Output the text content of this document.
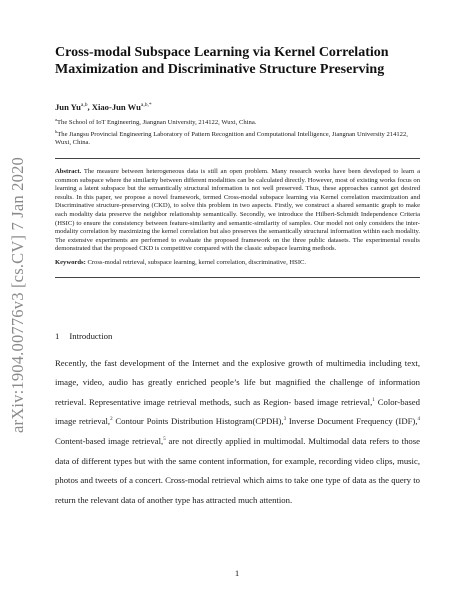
arXiv:1904.00776v3 [cs.CV] 7 Jan 2020
Cross-modal Subspace Learning via Kernel Correlation
Maximization and Discriminative Structure Preserving
Jun Yu$^{a,b}$, Xiao-Jun $Wu^{a,b,*}$
$^a$The School of IoT Engineering, Jiangnan University, 214122, Wuxi, China.
$^b$The Jiangsu Provincial Engineering Laboratory of Pattern Recognition and Computational Intelligence, Jiangnan University 214122, Wuxi, China.
Abstract. The measure between heterogeneous data is still an open problem. Many research works have been developed to learn a common subspace where the similarity between different modalities can be calculated directly. However, most of existing works focus on learning a latent subspace but the semantically structural information is not well preserved. Thus, these approaches cannot get desired results. In this paper, we propose a novel framework, termed Cross-modal subspace learning via Kernel correlation maximization and Discriminative structure-preserving (CKD), to solve this problem in two aspects. Firstly, we construct a shared semantic graph to make each modality data preserve the neighbor relationship semantically. Secondly, we introduce the Hilbert-Schmidt Independence Criteria (HSIC) to ensure the consistency between feature-similarity and semantic-similarity of samples. Our model not only considers the inter-modality correlation by maximizing the kernel correlation but also preserves the semantically structural information within each modality. The extensive experiments are performed to evaluate the proposed framework on the three public datasets. The experimental results demonstrated that the proposed CKD is competitive compared with the classic subspace learning methods.
Keywords: Cross-modal retrieval, subspace learning, kernel correlation, discriminative, HSIC.
1 Introduction
Recently, the fast development of the Internet and the explosive growth of multimedia including text, image, video, audio has greatly enriched people’s life but magnified the challenge of information retrieval. Representative image retrieval methods, such as Region- based image retrieval,$^1$ Color-based image retrieval,$^2$ Contour Points Distribution Histogram(CPDH),$^3$ Inverse Document Frequency (IDF),$^4$ Content-based image retrieval,$^5$ are not directly applied in multimodal. Multimodal data refers to those data of different types but with the same content information, for example, recording video clips, music, photos and tweets of a concert. Cross-modal retrieval which aims to take one type of data as the query to return the relevant data of another type has attracted much attention.
1
